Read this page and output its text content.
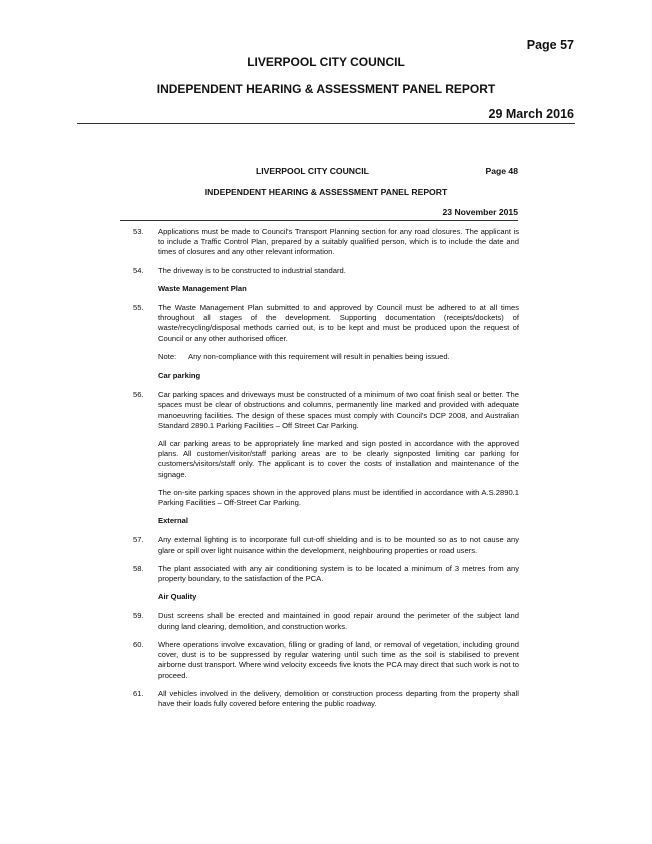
Page 57
LIVERPOOL CITY COUNCIL
INDEPENDENT HEARING & ASSESSMENT PANEL REPORT
29 March 2016
LIVERPOOL CITY COUNCIL	Page 48
INDEPENDENT HEARING & ASSESSMENT PANEL REPORT
23 November 2015
53.	Applications must be made to Council's Transport Planning section for any road closures. The applicant is to include a Traffic Control Plan, prepared by a suitably qualified person, which is to include the date and times of closures and any other relevant information.
54.	The driveway is to be constructed to industrial standard.
Waste Management Plan
55.	The Waste Management Plan submitted to and approved by Council must be adhered to at all times throughout all stages of the development. Supporting documentation (receipts/dockets) of waste/recycling/disposal methods carried out, is to be kept and must be produced upon the request of Council or any other authorised officer.
Note:	Any non-compliance with this requirement will result in penalties being issued.
Car parking
56.	Car parking spaces and driveways must be constructed of a minimum of two coat finish seal or better. The spaces must be clear of obstructions and columns, permanently line marked and provided with adequate manoeuvring facilities. The design of these spaces must comply with Council's DCP 2008, and Australian Standard 2890.1 Parking Facilities – Off Street Car Parking.
All car parking areas to be appropriately line marked and sign posted in accordance with the approved plans. All customer/visitor/staff parking areas are to be clearly signposted limiting car parking for customers/visitors/staff only. The applicant is to cover the costs of installation and maintenance of the signage.
The on-site parking spaces shown in the approved plans must be identified in accordance with A.S.2890.1 Parking Facilities – Off-Street Car Parking.
External
57.	Any external lighting is to incorporate full cut-off shielding and is to be mounted so as to not cause any glare or spill over light nuisance within the development, neighbouring properties or road users.
58.	The plant associated with any air conditioning system is to be located a minimum of 3 metres from any property boundary, to the satisfaction of the PCA.
Air Quality
59.	Dust screens shall be erected and maintained in good repair around the perimeter of the subject land during land clearing, demolition, and construction works.
60.	Where operations involve excavation, filling or grading of land, or removal of vegetation, including ground cover, dust is to be suppressed by regular watering until such time as the soil is stabilised to prevent airborne dust transport. Where wind velocity exceeds five knots the PCA may direct that such work is not to proceed.
61.	All vehicles involved in the delivery, demolition or construction process departing from the property shall have their loads fully covered before entering the public roadway.
